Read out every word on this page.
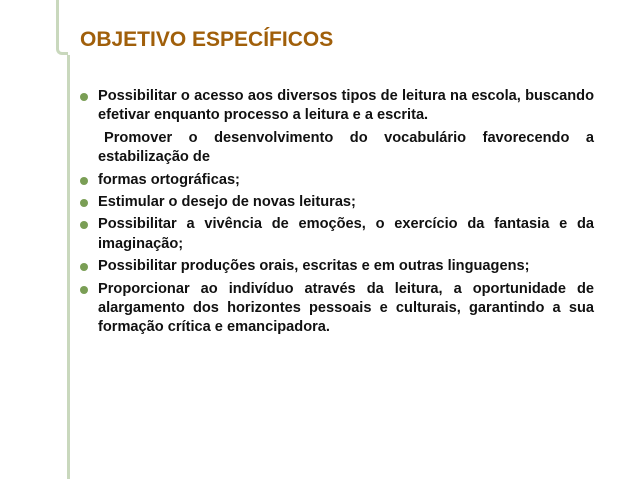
OBJETIVO ESPECÍFICOS
Possibilitar o acesso aos diversos tipos de leitura na escola, buscando efetivar enquanto processo a leitura e a escrita.
Promover o desenvolvimento do vocabulário favorecendo a estabilização de
formas ortográficas;
Estimular o desejo de novas leituras;
Possibilitar a vivência de emoções, o exercício da fantasia e da imaginação;
Possibilitar produções orais, escritas e em outras linguagens;
Proporcionar ao indivíduo através da leitura, a oportunidade de alargamento dos horizontes pessoais e culturais, garantindo a sua formação crítica e emancipadora.
